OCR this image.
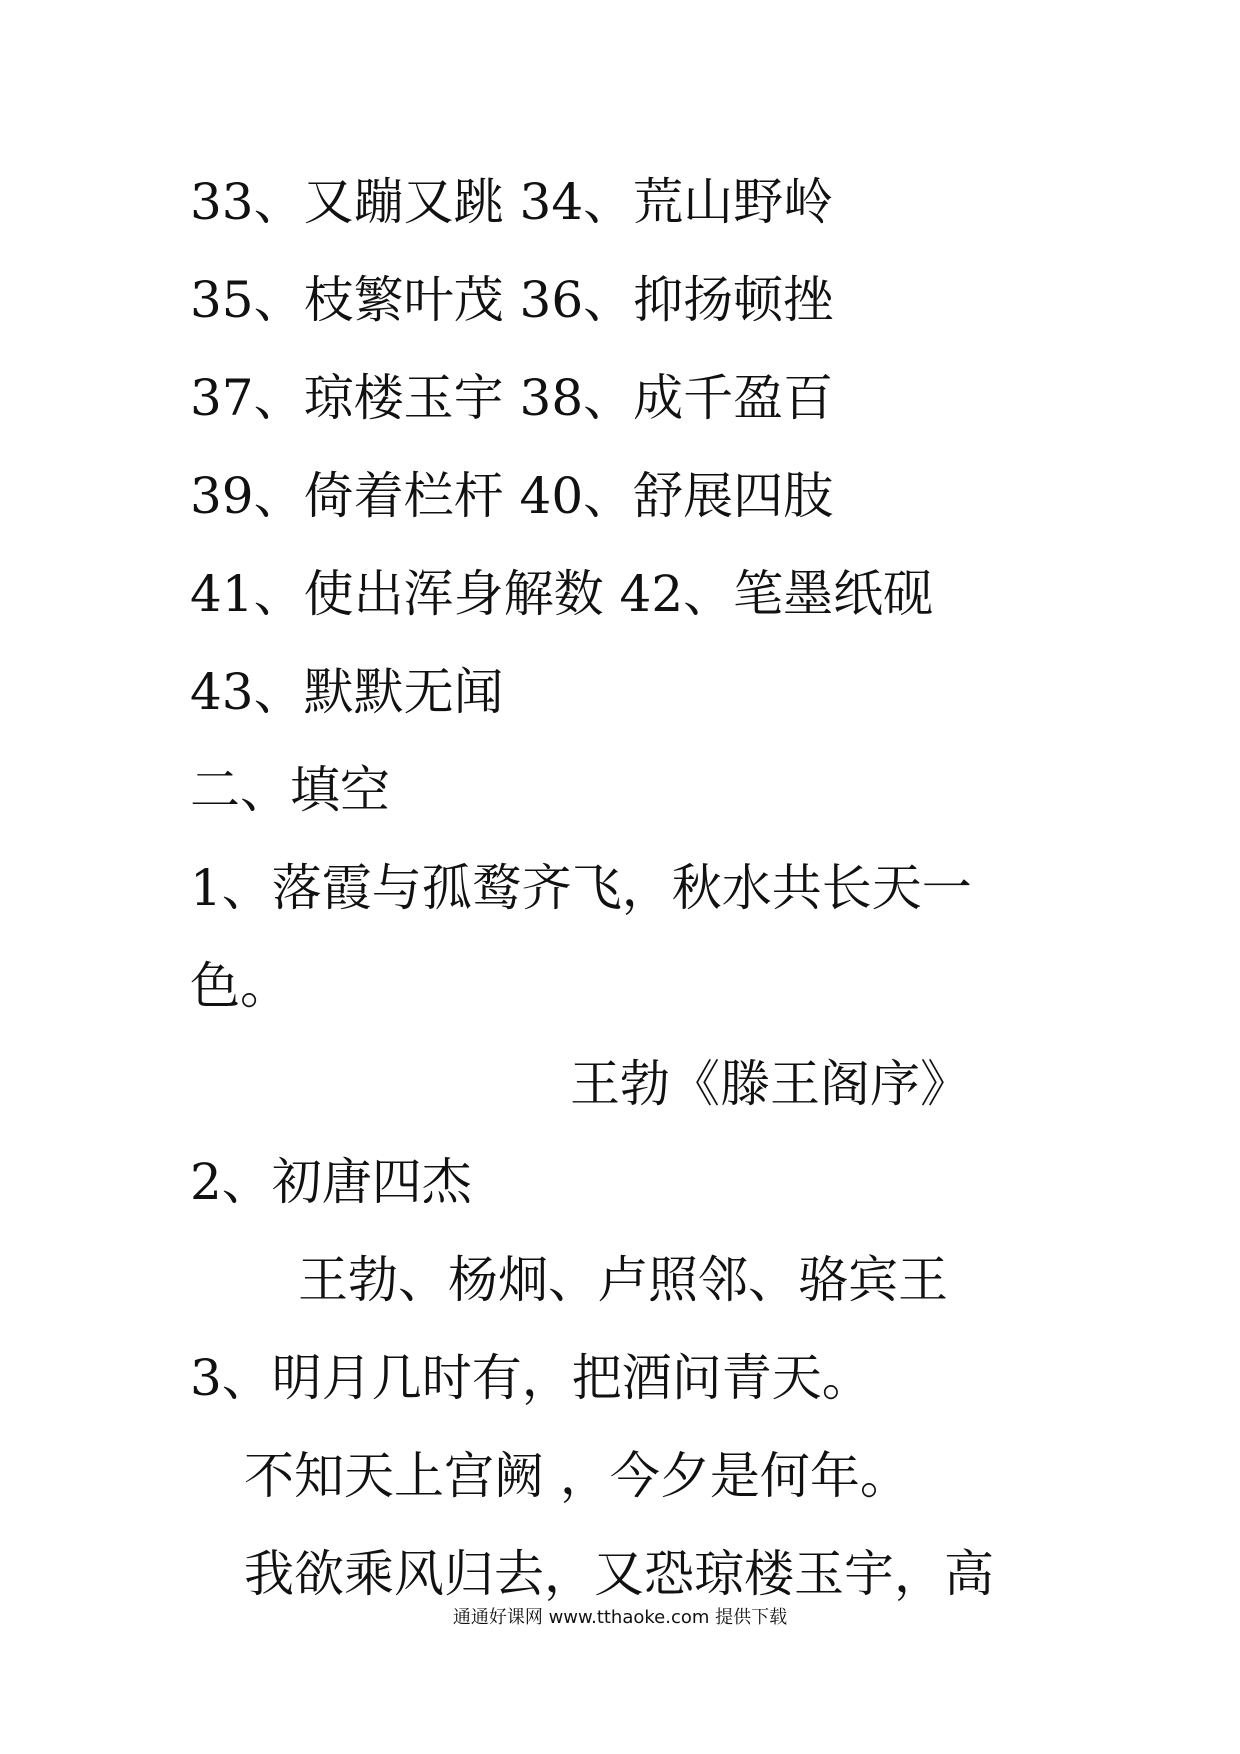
33、又蹦又跳 34、荒山野岭
35、枝繁叶茂 36、抑扬顿挫
37、琼楼玉宇 38、成千盈百
39、倚着栏杆 40、舒展四肢
41、使出浑身解数 42、笔墨纸砚
43、默默无闻
二、填空
1、落霞与孤鹜齐飞，秋水共长天一
色。
王勃《滕王阁序》
2、初唐四杰
王勃、杨炯、卢照邻、骆宾王
3、明月几时有，把酒问青天。
不知天上宫阙 ，今夕是何年。
我欲乘风归去，又恐琼楼玉宇，高
通通好课网 www.tthaoke.com 提供下载
